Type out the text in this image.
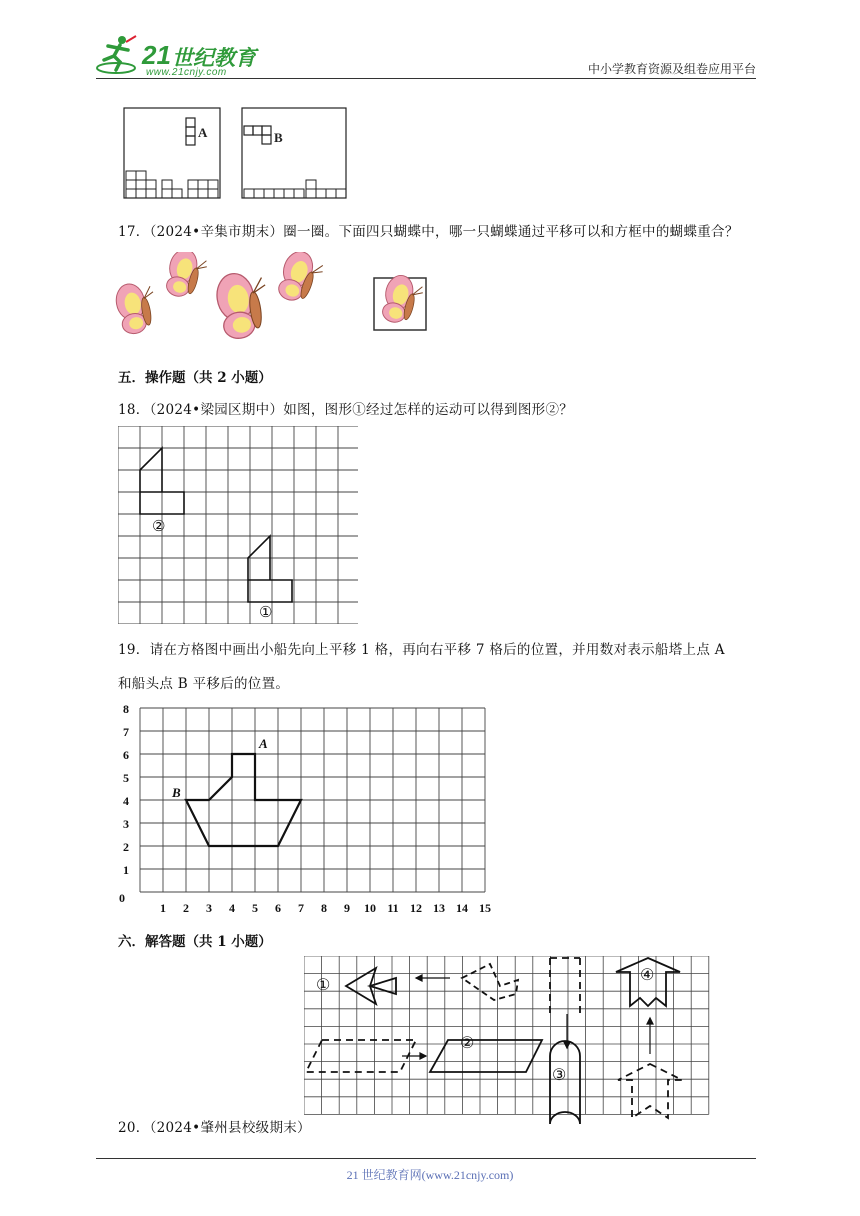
21 世纪教育
www.21cnjy.com	中小学教育资源及组卷应用平台
A	B
17．（2024•辛集市期末）圈一圈。下面四只蝴蝶中，哪一只蝴蝶通过平移可以和方框中的蝴蝶重合？
五．操作题（共 2 小题）
18．（2024•梁园区期中）如图，图形①经过怎样的运动可以得到图形②？
②
①
19．请在方格图中画出小船先向上平移 1 格，再向右平移 7 格后的位置，并用数对表示船塔上点 A
和船头点 B 平移后的位置。
0
1 2 3 4 5 6 7 8 9 10 11 12 13 14 15
1
2
3
4
5
6
7
8
A
B
六．解答题（共 1 小题）
①
②
③
④
20．（2024•肇州县校级期末）
21 世纪教育网(www.21cnjy.com)
